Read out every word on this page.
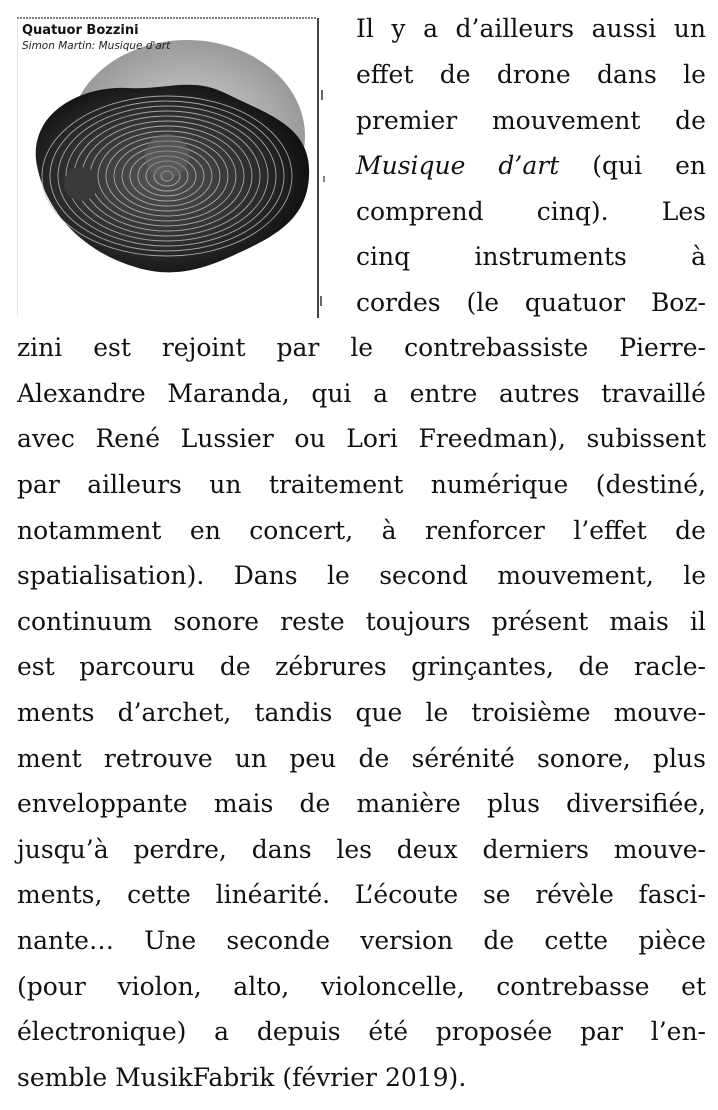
Quatuor Bozzini
Simon Martin: Musique d'art
Il y a d’ailleurs aussi un
effet de drone dans le
premier mouvement de
Musique d’art (qui en
comprend cinq). Les
cinq	instruments	à
cordes (le quatuor Boz-
zini est rejoint par le contrebassiste Pierre-
Alexandre Maranda, qui a entre autres travaillé
avec René Lussier ou Lori Freedman), subissent
par ailleurs un traitement numérique (destiné,
notamment en concert, à renforcer l’effet de
spatialisation). Dans le second mouvement, le
continuum sonore reste toujours présent mais il
est parcouru de zébrures grinçantes, de racle-
ments d’archet, tandis que le troisième mouve-
ment retrouve un peu de sérénité sonore, plus
enveloppante mais de manière plus diversifiée,
jusqu’à perdre, dans les deux derniers mouve-
ments, cette linéarité. L’écoute se révèle fasci-
nante… Une seconde version de cette pièce
(pour violon, alto, violoncelle, contrebasse et
électronique) a depuis été proposée par l’en-
semble MusikFabrik (février 2019).
